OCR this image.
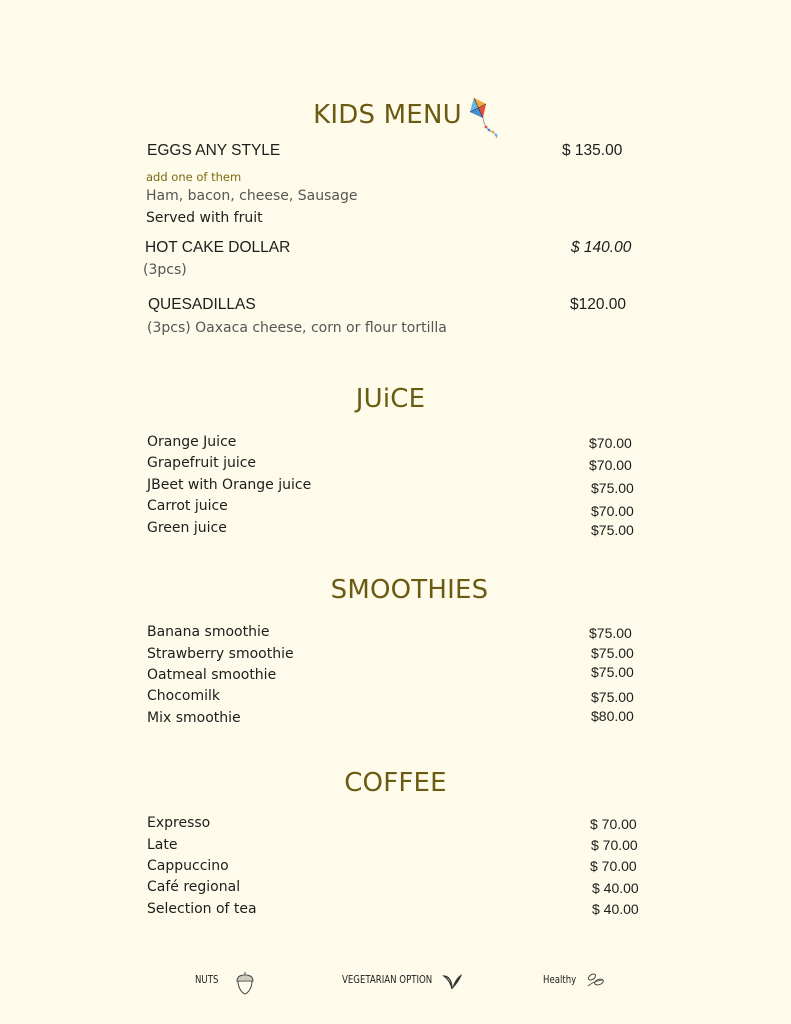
KIDS MENU
EGGS ANY STYLE	$ 135.00
add one of them
Ham, bacon, cheese, Sausage
Served with fruit
HOT CAKE DOLLAR	$ 140.00
(3pcs)
QUESADILLAS	$120.00
(3pcs) Oaxaca cheese, corn or flour tortilla
JUiCE
Orange Juice	$70.00
Grapefruit juice	$70.00
JBeet with Orange juice	$75.00
Carrot juice	$70.00
Green juice	$75.00
SMOOTHIES
Banana smoothie	$75.00
Strawberry smoothie	$75.00
Oatmeal smoothie	$75.00
Chocomilk	$75.00
Mix smoothie	$80.00
COFFEE
Expresso	$ 70.00
Late	$ 70.00
Cappuccino	$ 70.00
Café regional	$ 40.00
Selection of tea	$ 40.00
NUTS	VEGETARIAN OPTION	Healthy
